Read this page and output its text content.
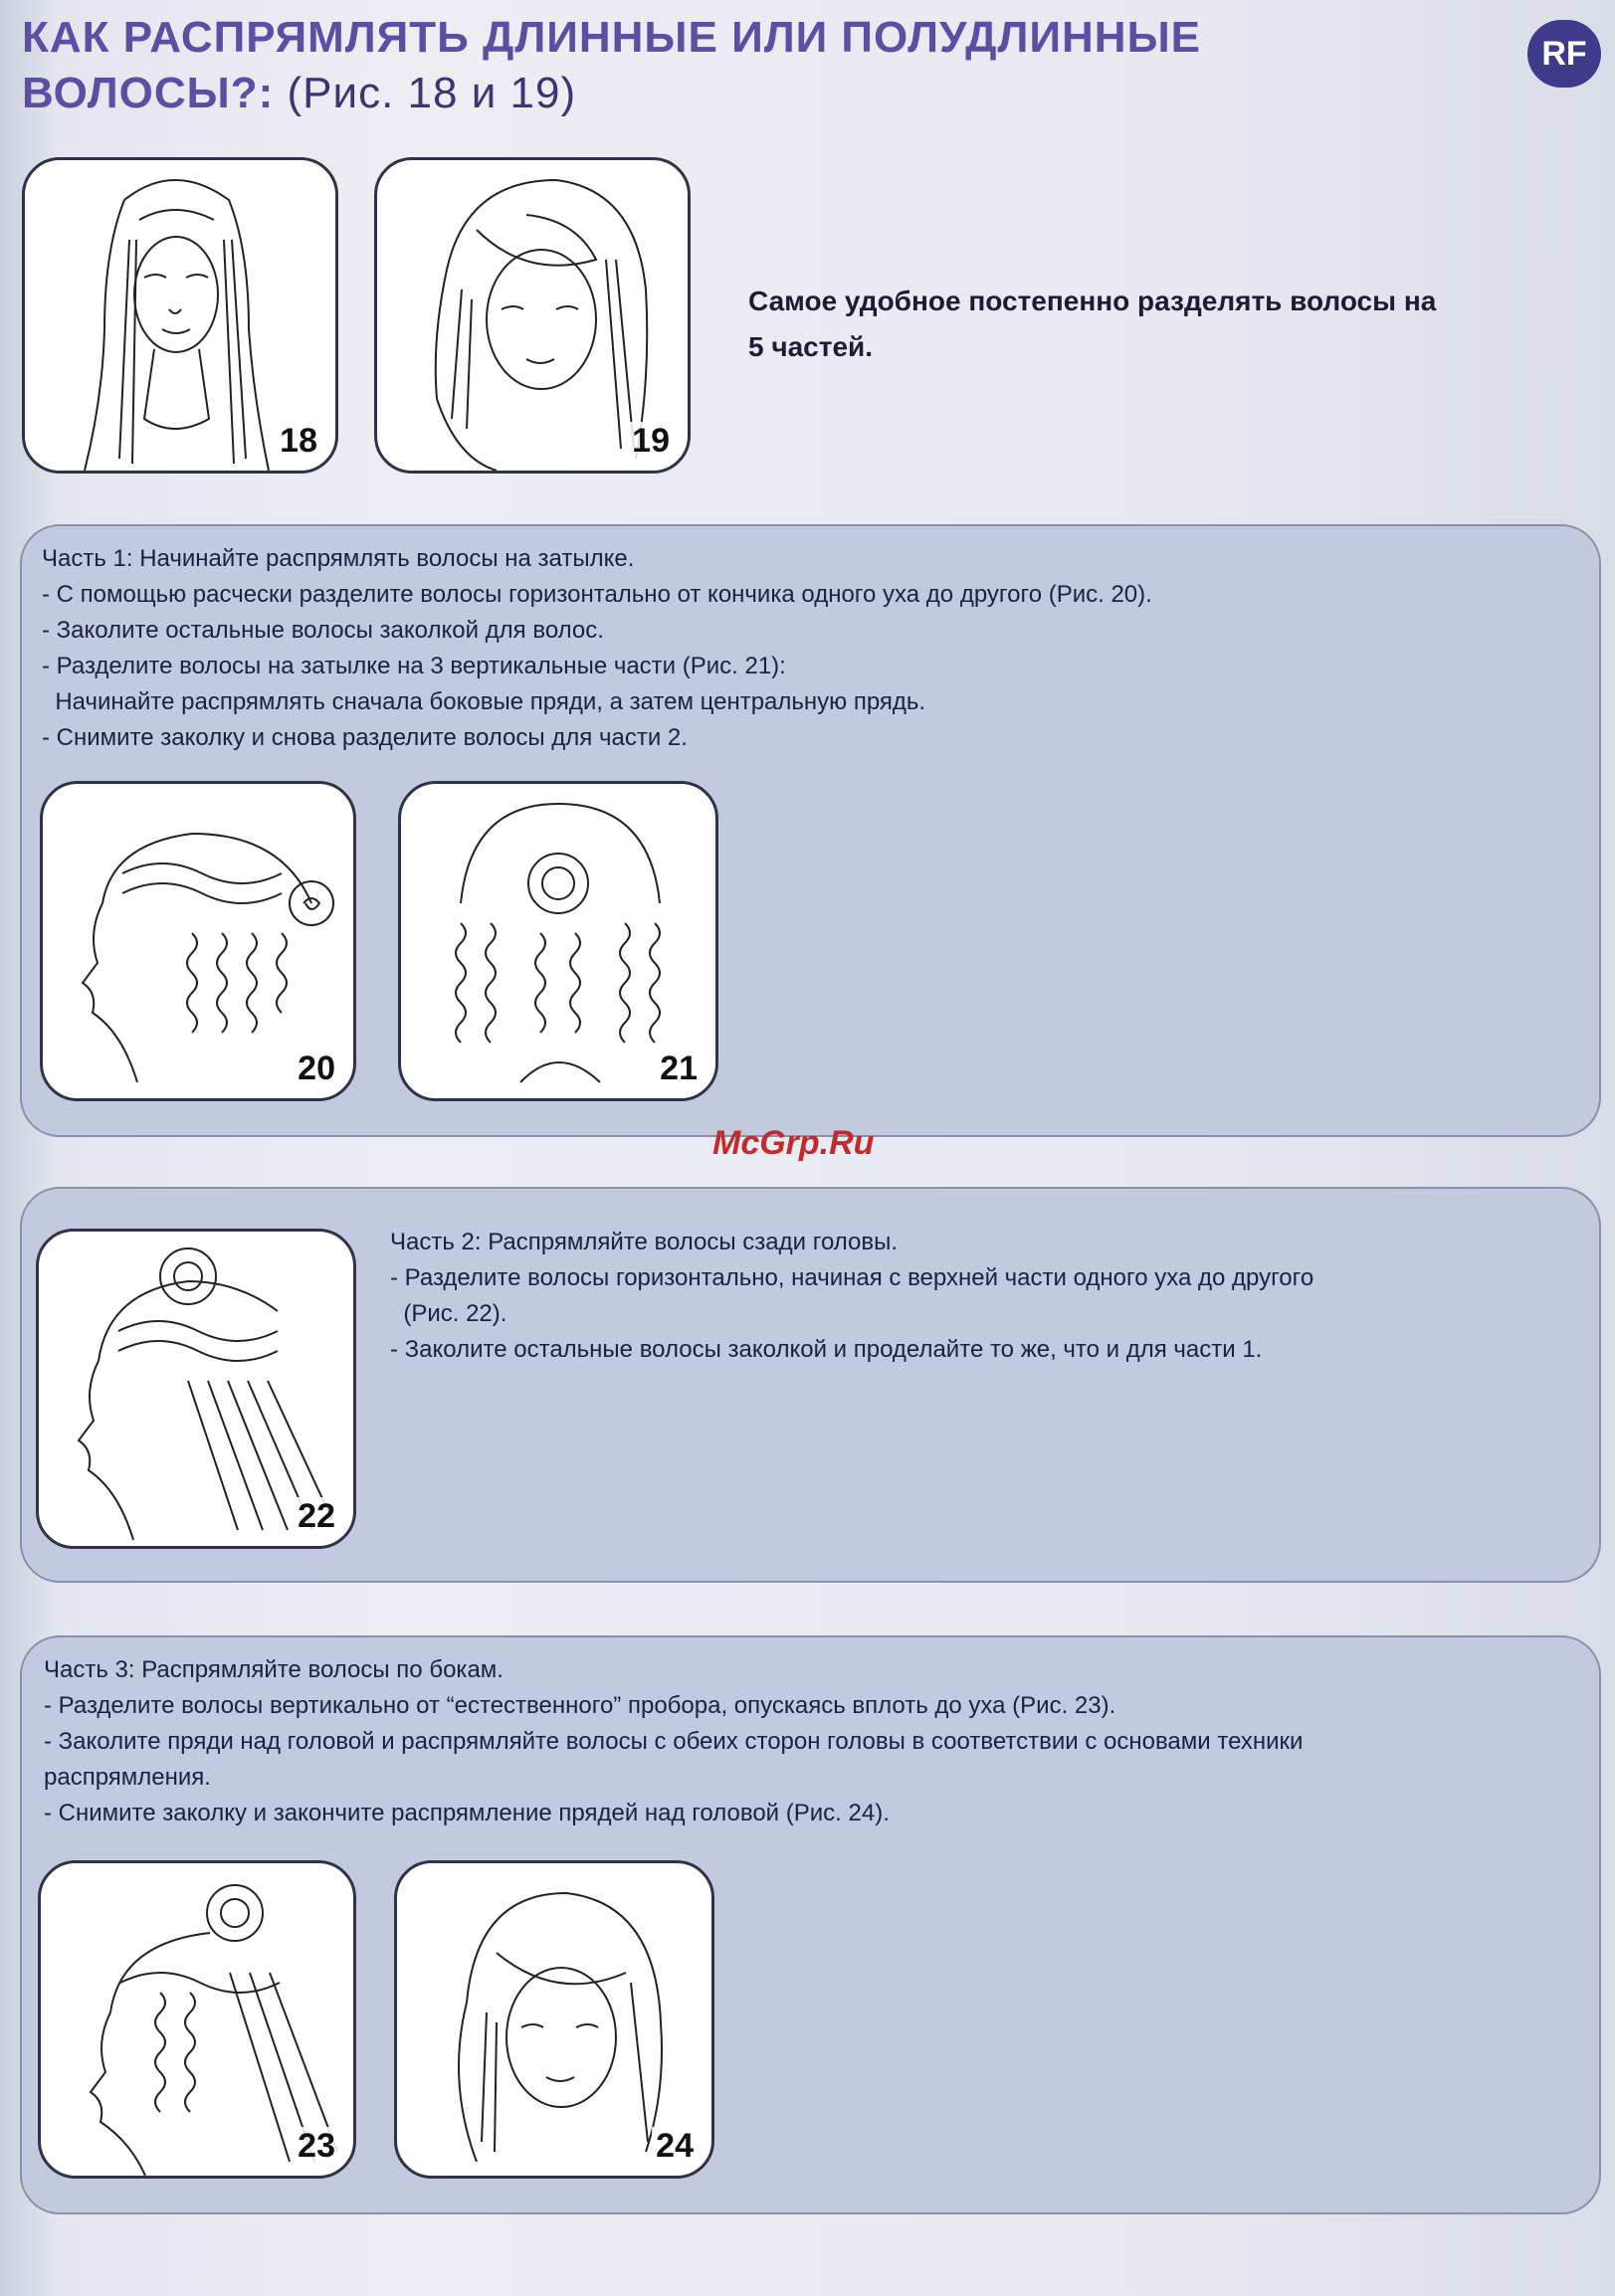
КАК РАСПРЯМЛЯТЬ ДЛИННЫЕ ИЛИ ПОЛУДЛИННЫЕ
ВОЛОСЫ?: (Рис. 18 и 19)
RF
18	19
Самое удобное постепенно разделять волосы на
5 частей.
Часть 1: Начинайте распрямлять волосы на затылке.
- С помощью расчески разделите волосы горизонтально от кончика одного уха до другого (Рис. 20).
- Заколите остальные волосы заколкой для волос.
- Разделите волосы на затылке на 3 вертикальные части (Рис. 21):
Начинайте распрямлять сначала боковые пряди, а затем центральную прядь.
- Снимите заколку и снова разделите волосы для части 2.
20	21
McGrp.Ru
22
Часть 2: Распрямляйте волосы сзади головы.
- Разделите волосы горизонтально, начиная с верхней части одного уха до другого
(Рис. 22).
- Заколите остальные волосы заколкой и проделайте то же, что и для части 1.
Часть 3: Распрямляйте волосы по бокам.
- Разделите волосы вертикально от “естественного” пробора, опускаясь вплоть до уха (Рис. 23).
- Заколите пряди над головой и распрямляйте волосы с обеих сторон головы в соответствии с основами техники
распрямления.
- Снимите заколку и закончите распрямление прядей над головой (Рис. 24).
23	24
